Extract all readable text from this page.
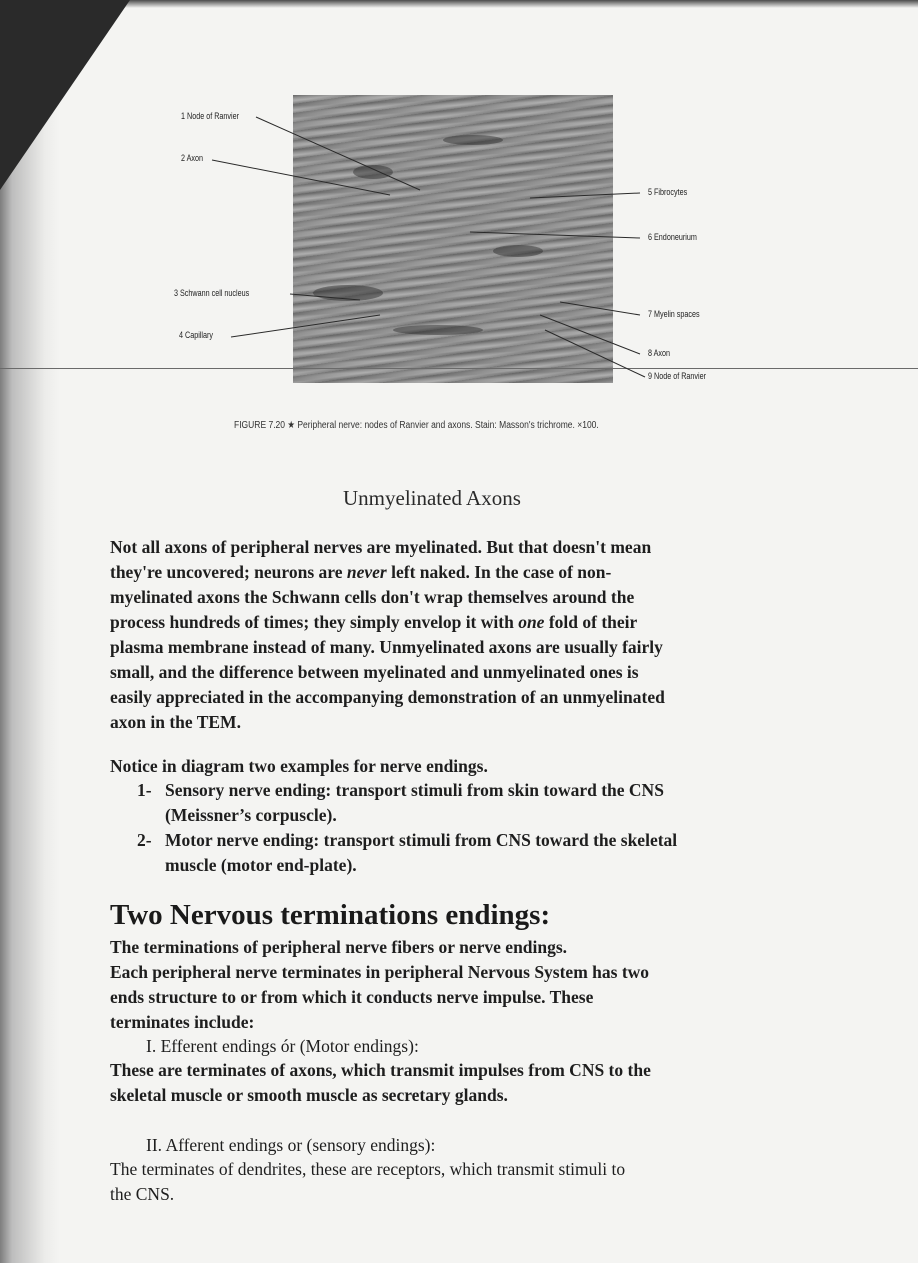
1 Node of Ranvier
2 Axon
3 Schwann cell nucleus
4 Capillary
5 Fibrocytes
6 Endoneurium
7 Myelin spaces
8 Axon
9 Node of Ranvier
FIGURE 7.20 ★ Peripheral nerve: nodes of Ranvier and axons. Stain: Masson's trichrome. ×100.
Unmyelinated Axons
Not all axons of peripheral nerves are myelinated. But that doesn't mean
they're uncovered; neurons are never left naked. In the case of non-
myelinated axons the Schwann cells don't wrap themselves around the
process hundreds of times; they simply envelop it with one fold of their
plasma membrane instead of many. Unmyelinated axons are usually fairly
small, and the difference between myelinated and unmyelinated ones is
easily appreciated in the accompanying demonstration of an unmyelinated
axon in the TEM.
Notice in diagram two examples for nerve endings.
1- Sensory nerve ending: transport stimuli from skin toward the CNS
(Meissner’s corpuscle).
2- Motor nerve ending: transport stimuli from CNS toward the skeletal
muscle (motor end-plate).
Two Nervous terminations endings:
The terminations of peripheral nerve fibers or nerve endings.
Each peripheral nerve terminates in peripheral Nervous System has two
ends structure to or from which it conducts nerve impulse. These
terminates include:
I. Efferent endings ór (Motor endings):
These are terminates of axons, which transmit impulses from CNS to the
skeletal muscle or smooth muscle as secretary glands.
II. Afferent endings or (sensory endings):
The terminates of dendrites, these are receptors, which transmit stimuli to
the CNS.
